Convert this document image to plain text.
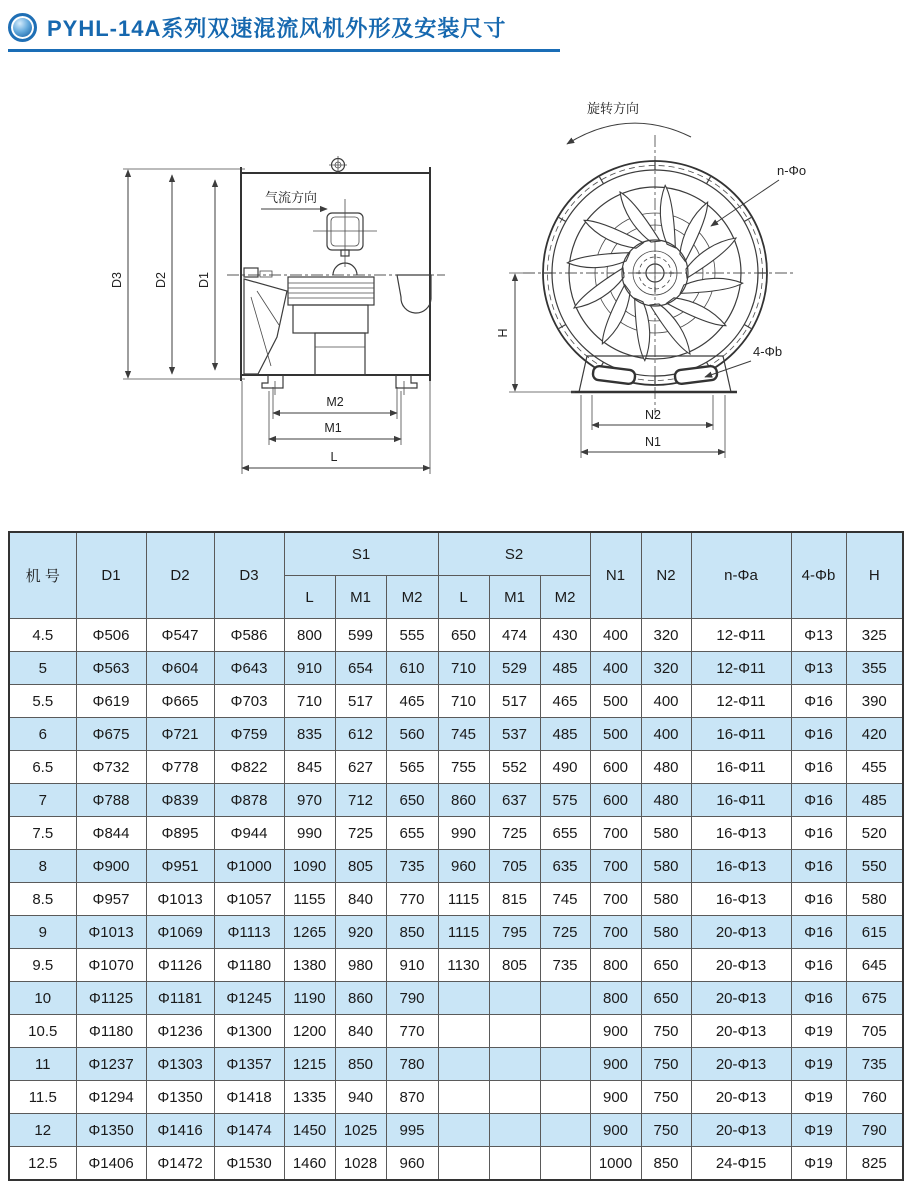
PYHL-14A系列双速混流风机外形及安装尺寸
气流方向
D3 D2 D1
M2
M1
L
旋转方向
n-Φo
4-Φb
H
N2
N1
机 号	D1	D2	D3	S1			S2			N1	N2	n-Φa	4-Φb	H
				L	M1	M2	L	M1	M2					
4.5	Φ506	Φ547	Φ586	800	599	555	650	474	430	400	320	12-Φ11	Φ13	325
5	Φ563	Φ604	Φ643	910	654	610	710	529	485	400	320	12-Φ11	Φ13	355
5.5	Φ619	Φ665	Φ703	710	517	465	710	517	465	500	400	12-Φ11	Φ16	390
6	Φ675	Φ721	Φ759	835	612	560	745	537	485	500	400	16-Φ11	Φ16	420
6.5	Φ732	Φ778	Φ822	845	627	565	755	552	490	600	480	16-Φ11	Φ16	455
7	Φ788	Φ839	Φ878	970	712	650	860	637	575	600	480	16-Φ11	Φ16	485
7.5	Φ844	Φ895	Φ944	990	725	655	990	725	655	700	580	16-Φ13	Φ16	520
8	Φ900	Φ951	Φ1000	1090	805	735	960	705	635	700	580	16-Φ13	Φ16	550
8.5	Φ957	Φ1013	Φ1057	1155	840	770	1115	815	745	700	580	16-Φ13	Φ16	580
9	Φ1013	Φ1069	Φ1113	1265	920	850	1115	795	725	700	580	20-Φ13	Φ16	615
9.5	Φ1070	Φ1126	Φ1180	1380	980	910	1130	805	735	800	650	20-Φ13	Φ16	645
10	Φ1125	Φ1181	Φ1245	1190	860	790				800	650	20-Φ13	Φ16	675
10.5	Φ1180	Φ1236	Φ1300	1200	840	770				900	750	20-Φ13	Φ19	705
11	Φ1237	Φ1303	Φ1357	1215	850	780				900	750	20-Φ13	Φ19	735
11.5	Φ1294	Φ1350	Φ1418	1335	940	870				900	750	20-Φ13	Φ19	760
12	Φ1350	Φ1416	Φ1474	1450	1025	995				900	750	20-Φ13	Φ19	790
12.5	Φ1406	Φ1472	Φ1530	1460	1028	960				1000	850	24-Φ15	Φ19	825
